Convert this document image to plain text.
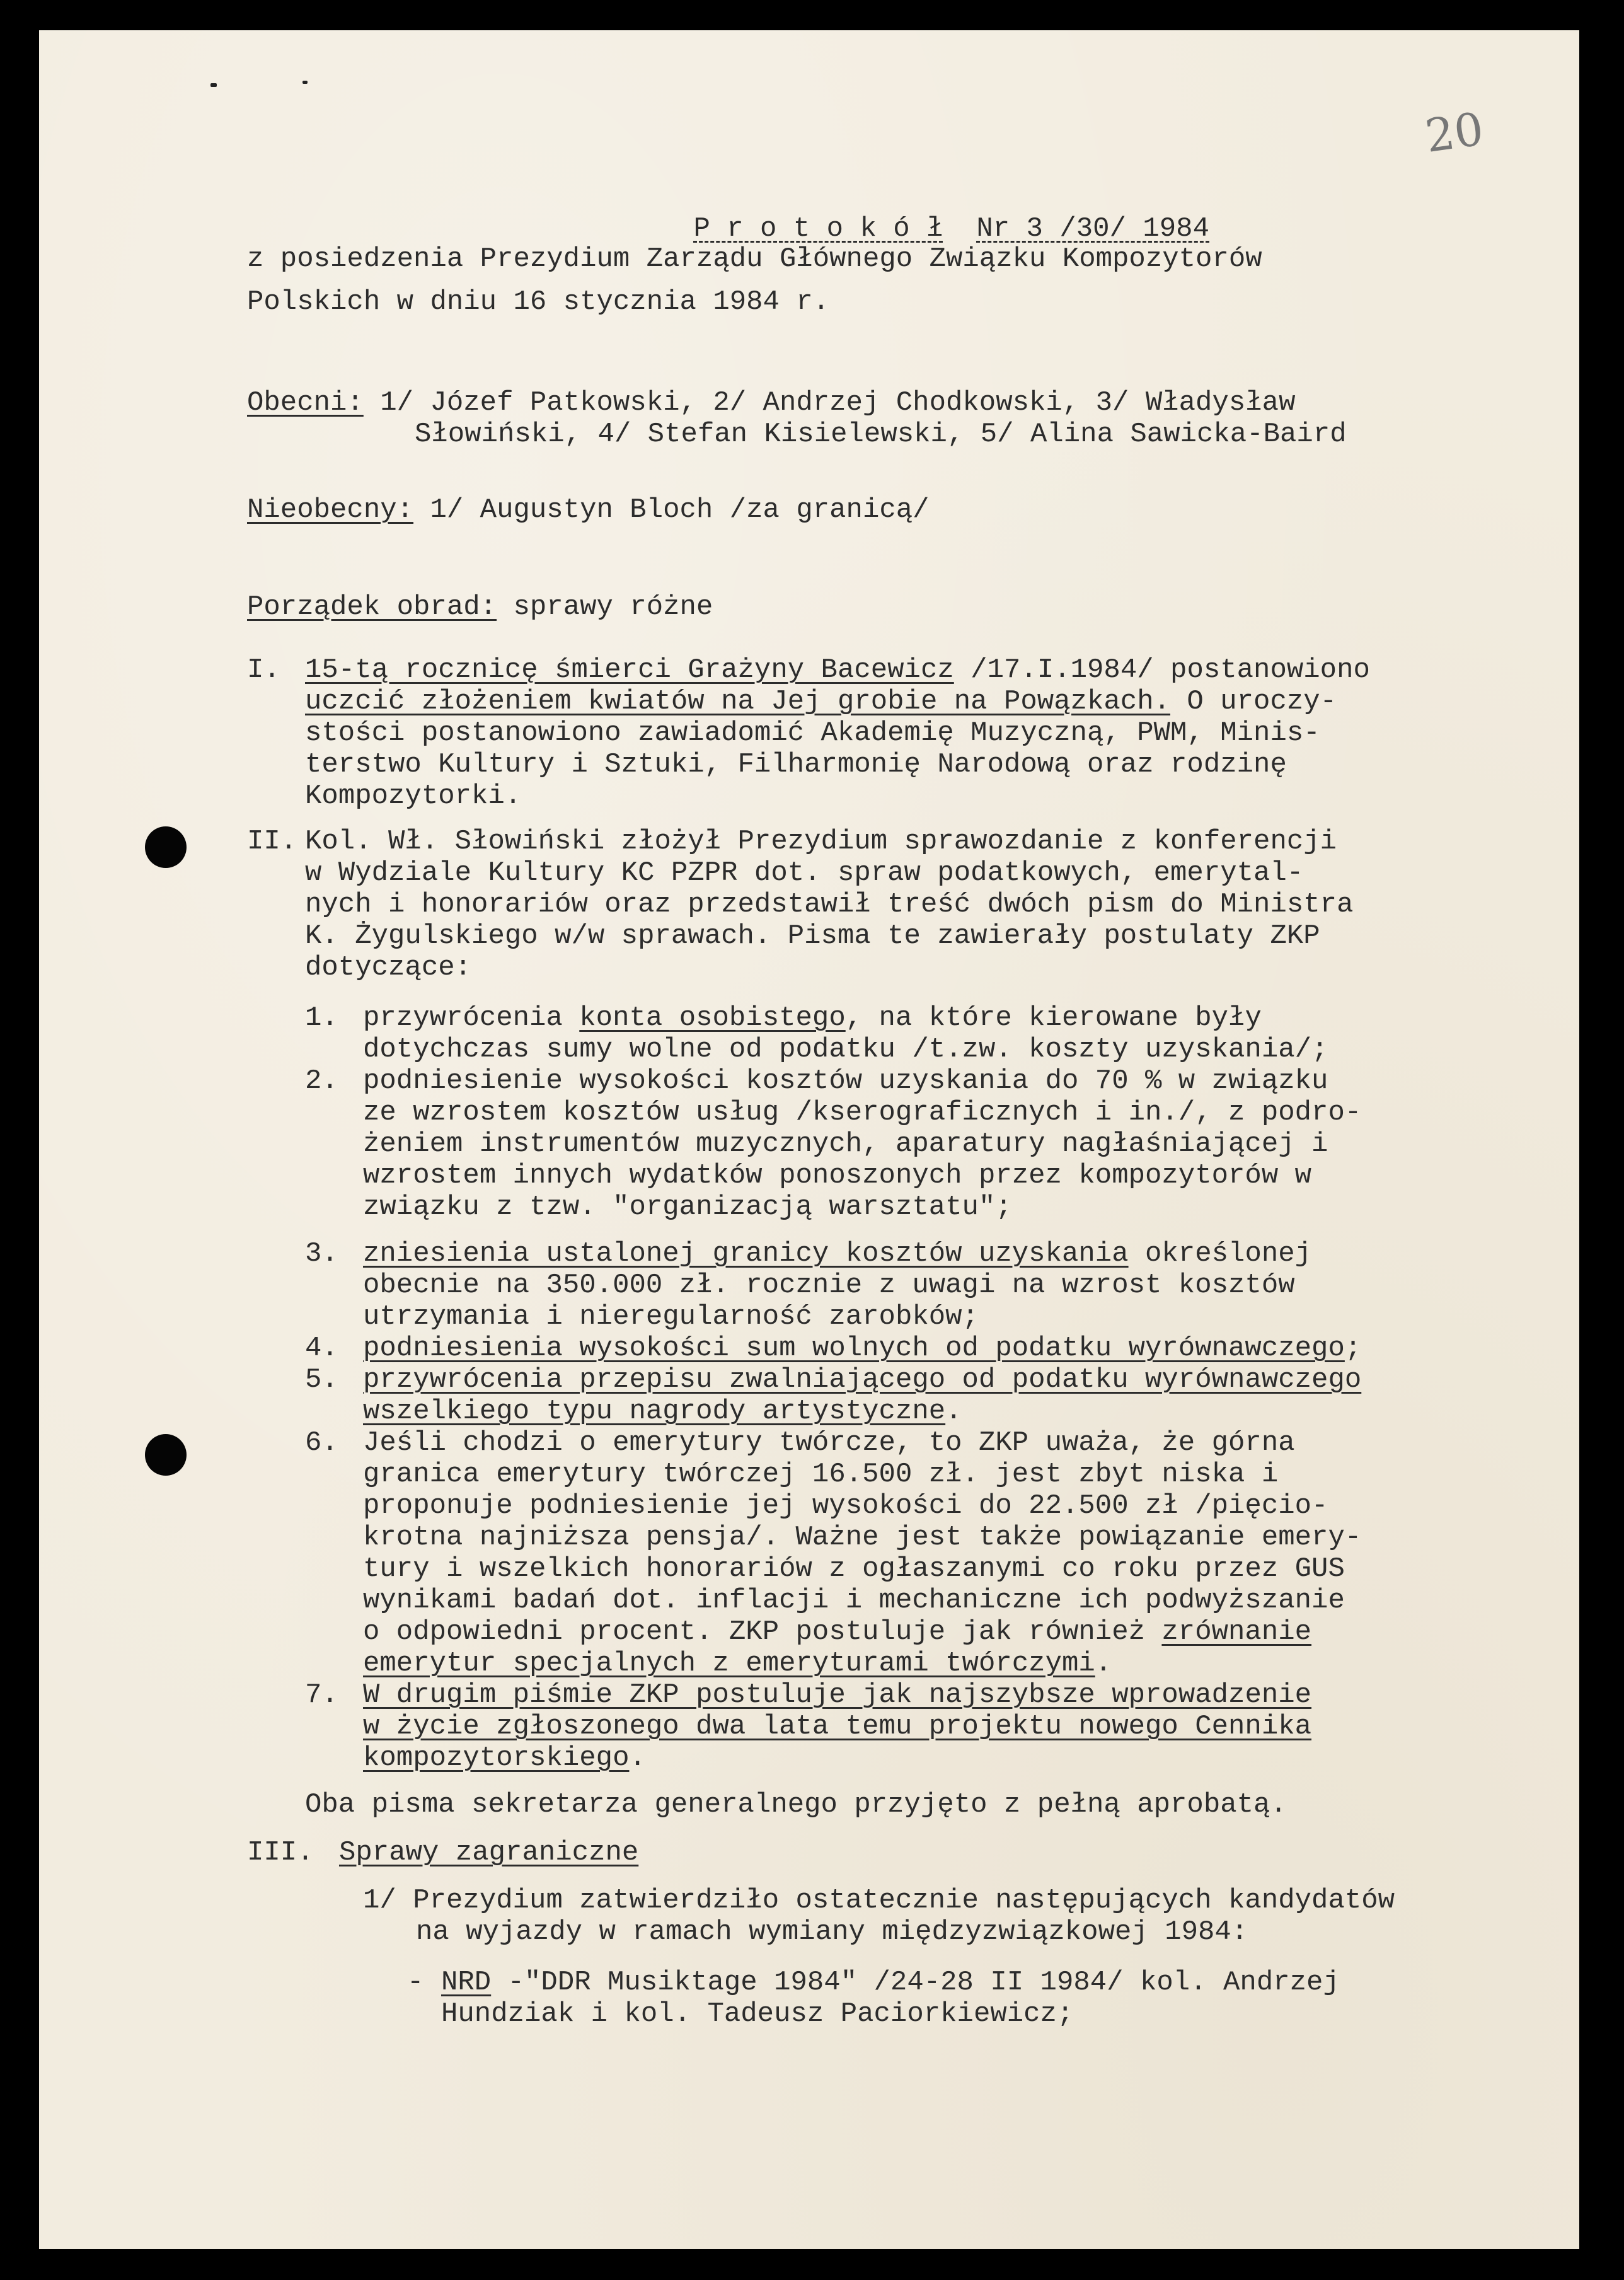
20

P r o t o k ó ł Nr 3 /30/ 1984

z posiedzenia Prezydium Zarządu Głównego Związku Kompozytorów
Polskich w dniu 16 stycznia 1984 r.
Obecni: 1/ Józef Patkowski, 2/ Andrzej Chodkowski, 3/ Władysław
Słowiński, 4/ Stefan Kisielewski, 5/ Alina Sawicka-Baird
Nieobecny: 1/ Augustyn Bloch /za granicą/
Porządek obrad: sprawy różne
I. 15-tą rocznicę śmierci Grażyny Bacewicz /17.I.1984/ postanowiono
uczcić złożeniem kwiatów na Jej grobie na Powązkach. O uroczy-
stości postanowiono zawiadomić Akademię Muzyczną, PWM, Minis-
terstwo Kultury i Sztuki, Filharmonię Narodową oraz rodzinę
Kompozytorki.
II. Kol. Wł. Słowiński złożył Prezydium sprawozdanie z konferencji
w Wydziale Kultury KC PZPR dot. spraw podatkowych, emerytal-
nych i honorariów oraz przedstawił treść dwóch pism do Ministra
K. Żygulskiego w/w sprawach. Pisma te zawierały postulaty ZKP
dotyczące:
1. przywrócenia konta osobistego, na które kierowane były
dotychczas sumy wolne od podatku /t.zw. koszty uzyskania/;
2. podniesienie wysokości kosztów uzyskania do 70 % w związku
ze wzrostem kosztów usług /kserograficznych i in./, z podro-
żeniem instrumentów muzycznych, aparatury nagłaśniającej i
wzrostem innych wydatków ponoszonych przez kompozytorów w
związku z tzw. "organizacją warsztatu";
3. zniesienia ustalonej granicy kosztów uzyskania określonej
obecnie na 350.000 zł. rocznie z uwagi na wzrost kosztów
utrzymania i nieregularność zarobków;
4. podniesienia wysokości sum wolnych od podatku wyrównawczego;
5. przywrócenia przepisu zwalniającego od podatku wyrównawczego
wszelkiego typu nagrody artystyczne.
6. Jeśli chodzi o emerytury twórcze, to ZKP uważa, że górna
granica emerytury twórczej 16.500 zł. jest zbyt niska i
proponuje podniesienie jej wysokości do 22.500 zł /pięcio-
krotna najniższa pensja/. Ważne jest także powiązanie emery-
tury i wszelkich honorariów z ogłaszanymi co roku przez GUS
wynikami badań dot. inflacji i mechaniczne ich podwyższanie
o odpowiedni procent. ZKP postuluje jak również zrównanie
emerytur specjalnych z emeryturami twórczymi.
7. W drugim piśmie ZKP postuluje jak najszybsze wprowadzenie
w życie zgłoszonego dwa lata temu projektu nowego Cennika
kompozytorskiego.
Oba pisma sekretarza generalnego przyjęto z pełną aprobatą.
III. Sprawy zagraniczne
1/ Prezydium zatwierdziło ostatecznie następujących kandydatów
na wyjazdy w ramach wymiany międzyzwiązkowej 1984:
- NRD -"DDR Musiktage 1984" /24-28 II 1984/ kol. Andrzej
Hundziak i kol. Tadeusz Paciorkiewicz;
